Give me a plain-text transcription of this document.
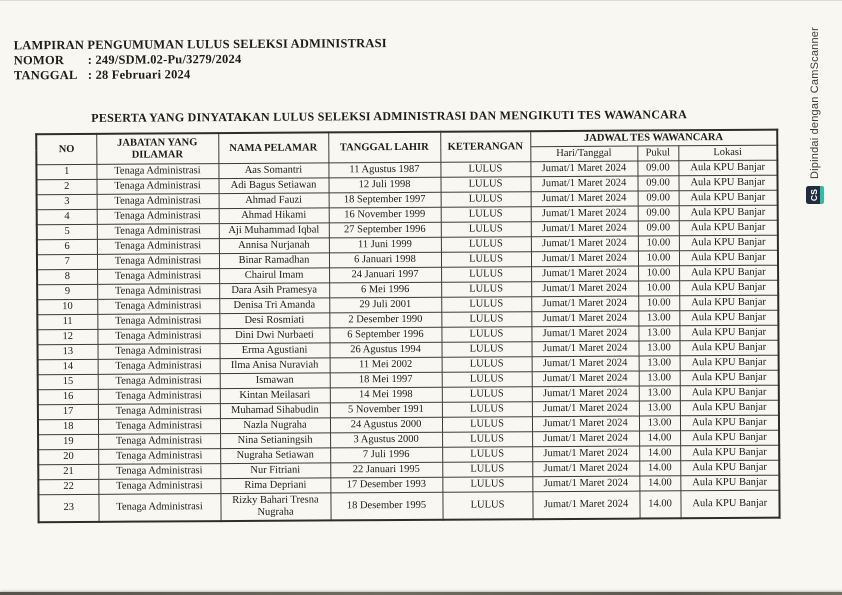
LAMPIRAN PENGUMUMAN LULUS SELEKSI ADMINISTRASI
NOMOR : 249/SDM.02-Pu/3279/2024
TANGGAL : 28 Februari 2024
PESERTA YANG DINYATAKAN LULUS SELEKSI ADMINISTRASI DAN MENGIKUTI TES WAWANCARA
NO	JABATAN YANG DILAMAR	NAMA PELAMAR	TANGGAL LAHIR	KETERANGAN	JADWAL TES WAWANCARA		
					Hari/Tanggal	Pukul	Lokasi
1	Tenaga Administrasi	Aas Somantri	11 Agustus 1987	LULUS	Jumat/1 Maret 2024	09.00	Aula KPU Banjar
2	Tenaga Administrasi	Adi Bagus Setiawan	12 Juli 1998	LULUS	Jumat/1 Maret 2024	09.00	Aula KPU Banjar
3	Tenaga Administrasi	Ahmad Fauzi	18 September 1997	LULUS	Jumat/1 Maret 2024	09.00	Aula KPU Banjar
4	Tenaga Administrasi	Ahmad Hikami	16 November 1999	LULUS	Jumat/1 Maret 2024	09.00	Aula KPU Banjar
5	Tenaga Administrasi	Aji Muhammad Iqbal	27 September 1996	LULUS	Jumat/1 Maret 2024	09.00	Aula KPU Banjar
6	Tenaga Administrasi	Annisa Nurjanah	11 Juni 1999	LULUS	Jumat/1 Maret 2024	10.00	Aula KPU Banjar
7	Tenaga Administrasi	Binar Ramadhan	6 Januari 1998	LULUS	Jumat/1 Maret 2024	10.00	Aula KPU Banjar
8	Tenaga Administrasi	Chairul Imam	24 Januari 1997	LULUS	Jumat/1 Maret 2024	10.00	Aula KPU Banjar
9	Tenaga Administrasi	Dara Asih Pramesya	6 Mei 1996	LULUS	Jumat/1 Maret 2024	10.00	Aula KPU Banjar
10	Tenaga Administrasi	Denisa Tri Amanda	29 Juli 2001	LULUS	Jumat/1 Maret 2024	10.00	Aula KPU Banjar
11	Tenaga Administrasi	Desi Rosmiati	2 Desember 1990	LULUS	Jumat/1 Maret 2024	13.00	Aula KPU Banjar
12	Tenaga Administrasi	Dini Dwi Nurbaeti	6 September 1996	LULUS	Jumat/1 Maret 2024	13.00	Aula KPU Banjar
13	Tenaga Administrasi	Erma Agustiani	26 Agustus 1994	LULUS	Jumat/1 Maret 2024	13.00	Aula KPU Banjar
14	Tenaga Administrasi	Ilma Anisa Nuraviah	11 Mei 2002	LULUS	Jumat/1 Maret 2024	13.00	Aula KPU Banjar
15	Tenaga Administrasi	Ismawan	18 Mei 1997	LULUS	Jumat/1 Maret 2024	13.00	Aula KPU Banjar
16	Tenaga Administrasi	Kintan Meilasari	14 Mei 1998	LULUS	Jumat/1 Maret 2024	13.00	Aula KPU Banjar
17	Tenaga Administrasi	Muhamad Sihabudin	5 November 1991	LULUS	Jumat/1 Maret 2024	13.00	Aula KPU Banjar
18	Tenaga Administrasi	Nazla Nugraha	24 Agustus 2000	LULUS	Jumat/1 Maret 2024	13.00	Aula KPU Banjar
19	Tenaga Administrasi	Nina Setianingsih	3 Agustus 2000	LULUS	Jumat/1 Maret 2024	14.00	Aula KPU Banjar
20	Tenaga Administrasi	Nugraha Setiawan	7 Juli 1996	LULUS	Jumat/1 Maret 2024	14.00	Aula KPU Banjar
21	Tenaga Administrasi	Nur Fitriani	22 Januari 1995	LULUS	Jumat/1 Maret 2024	14.00	Aula KPU Banjar
22	Tenaga Administrasi	Rima Depriani	17 Desember 1993	LULUS	Jumat/1 Maret 2024	14.00	Aula KPU Banjar
23	Tenaga Administrasi	Rizky Bahari Tresna Nugraha	18 Desember 1995	LULUS	Jumat/1 Maret 2024	14.00	Aula KPU Banjar
CS
Dipindai dengan CamScanner
